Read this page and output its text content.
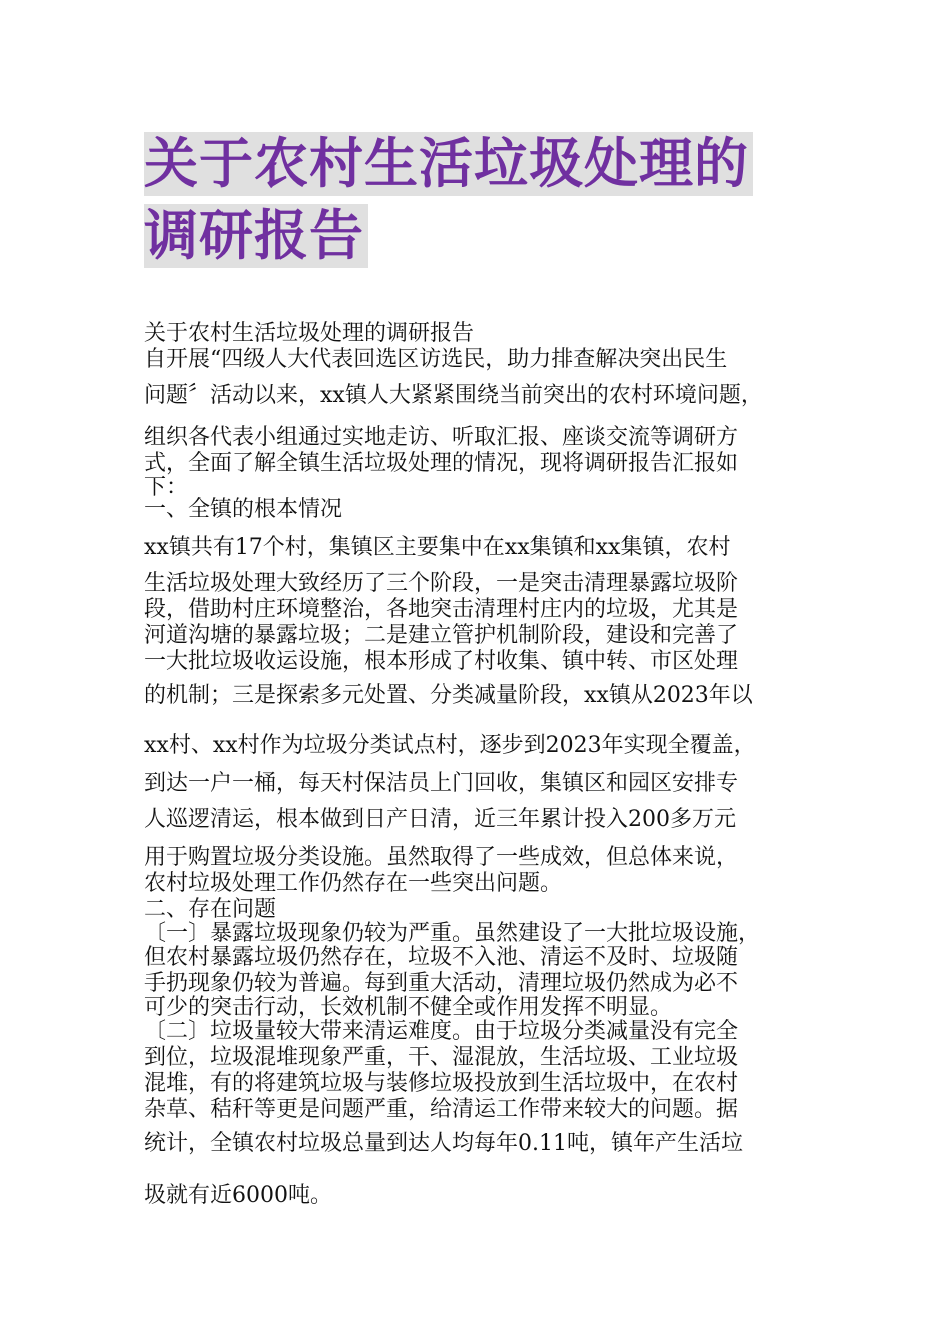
关于农村生活垃圾处理的
调研报告
关于农村生活垃圾处理的调研报告
自开展“四级人大代表回选区访选民，助力排查解决突出民生
问题〞活动以来，xx镇人大紧紧围绕当前突出的农村环境问题，
组织各代表小组通过实地走访、听取汇报、座谈交流等调研方
式，全面了解全镇生活垃圾处理的情况，现将调研报告汇报如
下：
一、全镇的根本情况
xx镇共有17个村，集镇区主要集中在xx集镇和xx集镇，农村
生活垃圾处理大致经历了三个阶段，一是突击清理暴露垃圾阶
段，借助村庄环境整治，各地突击清理村庄内的垃圾，尤其是
河道沟塘的暴露垃圾；二是建立管护机制阶段，建设和完善了
一大批垃圾收运设施，根本形成了村收集、镇中转、市区处理
的机制；三是探索多元处置、分类减量阶段，xx镇从2023年以
xx村、xx村作为垃圾分类试点村，逐步到2023年实现全覆盖，
到达一户一桶，每天村保洁员上门回收，集镇区和园区安排专
人巡逻清运，根本做到日产日清，近三年累计投入200多万元
用于购置垃圾分类设施。虽然取得了一些成效，但总体来说，
农村垃圾处理工作仍然存在一些突出问题。
二、存在问题
〔一〕暴露垃圾现象仍较为严重。虽然建设了一大批垃圾设施，
但农村暴露垃圾仍然存在，垃圾不入池、清运不及时、垃圾随
手扔现象仍较为普遍。每到重大活动，清理垃圾仍然成为必不
可少的突击行动，长效机制不健全或作用发挥不明显。
〔二〕垃圾量较大带来清运难度。由于垃圾分类减量没有完全
到位，垃圾混堆现象严重，干、湿混放，生活垃圾、工业垃圾
混堆，有的将建筑垃圾与装修垃圾投放到生活垃圾中，在农村
杂草、秸秆等更是问题严重，给清运工作带来较大的问题。据
统计，全镇农村垃圾总量到达人均每年0.11吨，镇年产生活垃
圾就有近6000吨。
